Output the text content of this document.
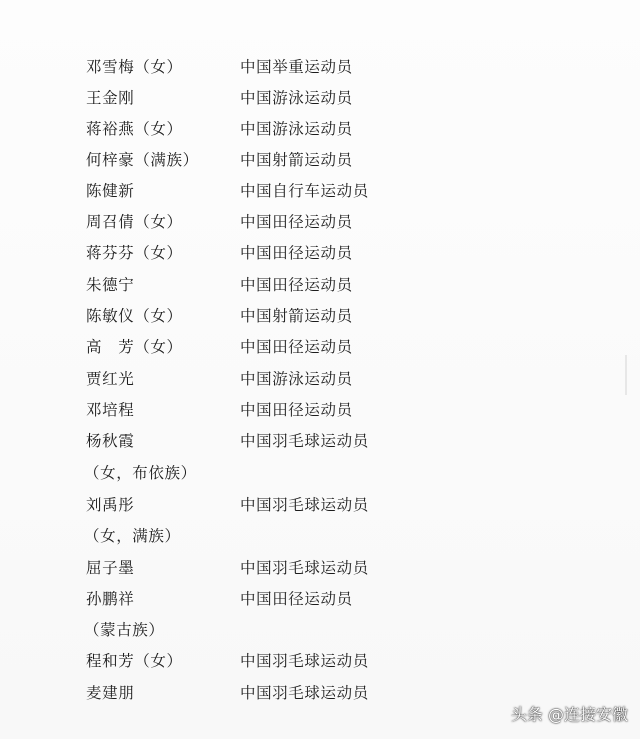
邓雪梅（女）	中国举重运动员
王金刚	中国游泳运动员
蒋裕燕（女）	中国游泳运动员
何梓豪（满族）	中国射箭运动员
陈健新	中国自行车运动员
周召倩（女）	中国田径运动员
蒋芬芬（女）	中国田径运动员
朱德宁	中国田径运动员
陈敏仪（女）	中国射箭运动员
高　芳（女）	中国田径运动员
贾红光	中国游泳运动员
邓培程	中国田径运动员
杨秋霞	中国羽毛球运动员
（女，布依族）
刘禹彤	中国羽毛球运动员
（女，满族）
屈子墨	中国羽毛球运动员
孙鹏祥	中国田径运动员
（蒙古族）
程和芳（女）	中国羽毛球运动员
麦建朋	中国羽毛球运动员
头条 @连接安徽
